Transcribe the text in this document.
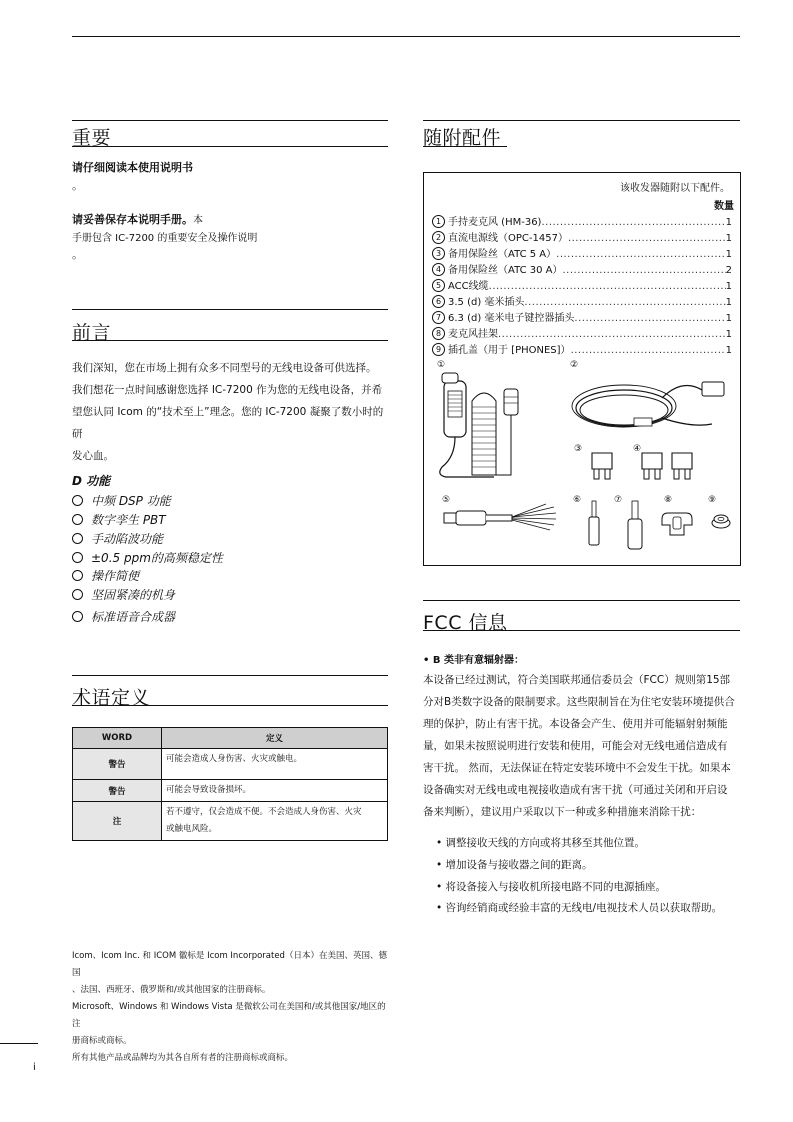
重要
请仔细阅读本使用说明书
。
请妥善保存本说明手册。本
手册包含 IC-7200 的重要安全及操作说明
。
前言
我们深知，您在市场上拥有众多不同型号的无线电设备可供选择。
我们想花一点时间感谢您选择 IC-7200 作为您的无线电设备，并希
望您认同 Icom 的“技术至上”理念。您的 IC-7200 凝聚了数小时的研
发心血。
D 功能
中频 DSP 功能
数字孪生 PBT
手动陷波功能
±0.5 ppm的高频稳定性
操作简便
坚固紧凑的机身
标准语音合成器
术语定义
WORD	定义
警告	可能会造成人身伤害、火灾或触电。

警告	可能会导致设备损坏。
注	若不遵守，仅会造成不便。不会造成人身伤害、火灾
或触电风险。
Icom、Icom Inc. 和 ICOM 徽标是 Icom Incorporated（日本）在美国、英国、德国
、法国、西班牙、俄罗斯和/或其他国家的注册商标。
Microsoft、Windows 和 Windows Vista 是微软公司在美国和/或其他国家/地区的注
册商标或商标。
所有其他产品或品牌均为其各自所有者的注册商标或商标。
i
随附配件
该收发器随附以下配件。
数量
1 手持麦克风 (HM-36) .....	1
2 直流电源线（OPC-1457） .....	1
3 备用保险丝（ATC 5 A） .....	1
4 备用保险丝（ATC 30 A） .....	2
5 ACC线缆 .....	1
6 3.5 (d) 毫米插头 .....	1
7 6.3 (d) 毫米电子键控器插头 .....	1
8 麦克风挂架 .....	1
9 插孔盖（用于 [PHONES]） .....	1
①	②
③	④
⑤	⑥	⑦	⑧	⑨
FCC 信息
• B 类非有意辐射器：
本设备已经过测试，符合美国联邦通信委员会（FCC）规则第15部
分对B类数字设备的限制要求。这些限制旨在为住宅安装环境提供合
理的保护，防止有害干扰。本设备会产生、使用并可能辐射射频能
量，如果未按照说明进行安装和使用，可能会对无线电通信造成有
害干扰。 然而，无法保证在特定安装环境中不会发生干扰。如果本
设备确实对无线电或电视接收造成有害干扰（可通过关闭和开启设
备来判断），建议用户采取以下一种或多种措施来消除干扰：
• 调整接收天线的方向或将其移至其他位置。
• 增加设备与接收器之间的距离。
• 将设备接入与接收机所接电路不同的电源插座。
• 咨询经销商或经验丰富的无线电/电视技术人员以获取帮助。
